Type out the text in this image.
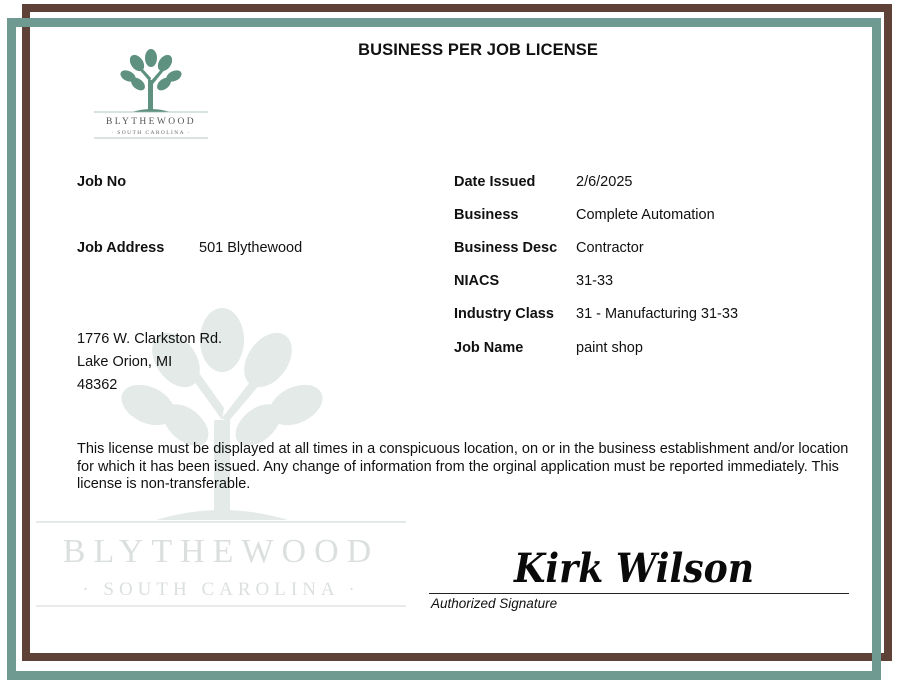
BLYTHEWOOD
· SOUTH CAROLINA ·
BLYTHEWOOD
· SOUTH CAROLINA ·
BUSINESS PER JOB LICENSE
Job No
Job Address 501 Blythewood
1776 W. Clarkston Rd.
Lake Orion, MI
48362
Date Issued	2/6/2025
Business	Complete Automation
Business Desc Contractor
NIACS	31-33
Industry Class 31 - Manufacturing 31-33
Job Name	paint shop
This license must be displayed at all times in a conspicuous location, on or in the business establishment and/or location for which it has been issued. Any change of information from the orginal application must be reported immediately. This license is non-transferable.
Kirk Wilson
Authorized Signature
